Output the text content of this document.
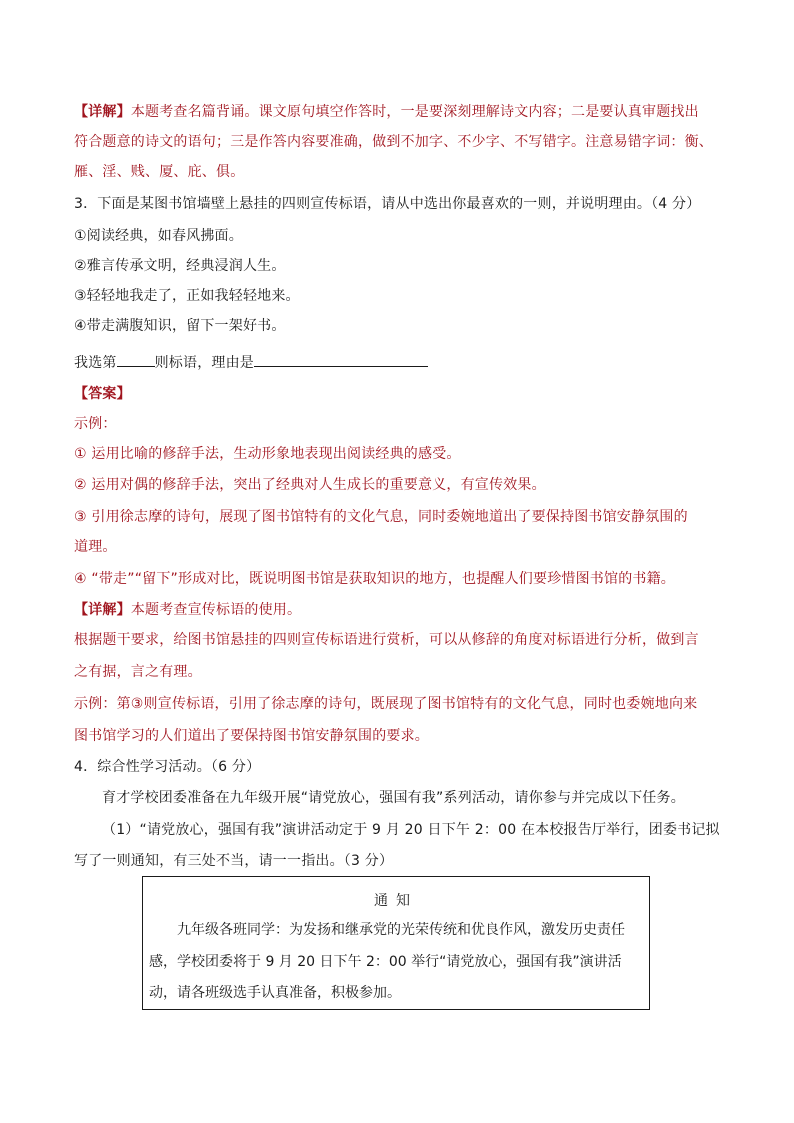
【详解】本题考查名篇背诵。课文原句填空作答时，一是要深刻理解诗文内容；二是要认真审题找出
符合题意的诗文的语句；三是作答内容要准确，做到不加字、不少字、不写错字。注意易错字词：衡、
雁、淫、贱、厦、庇、俱。
3．下面是某图书馆墙壁上悬挂的四则宣传标语，请从中选出你最喜欢的一则，并说明理由。（4 分）
①阅读经典，如春风拂面。
②雅言传承文明，经典浸润人生。
③轻轻地我走了，正如我轻轻地来。
④带走满腹知识，留下一架好书。
我选第	则标语，理由是
【答案】
示例：
① 运用比喻的修辞手法，生动形象地表现出阅读经典的感受。
② 运用对偶的修辞手法，突出了经典对人生成长的重要意义，有宣传效果。
③ 引用徐志摩的诗句，展现了图书馆特有的文化气息，同时委婉地道出了要保持图书馆安静氛围的
道理。
④ “带走”“留下”形成对比，既说明图书馆是获取知识的地方，也提醒人们要珍惜图书馆的书籍。
【详解】本题考查宣传标语的使用。
根据题干要求，给图书馆悬挂的四则宣传标语进行赏析，可以从修辞的角度对标语进行分析，做到言
之有据，言之有理。
示例：第③则宣传标语，引用了徐志摩的诗句，既展现了图书馆特有的文化气息，同时也委婉地向来
图书馆学习的人们道出了要保持图书馆安静氛围的要求。
4．综合性学习活动。（6 分）
育才学校团委准备在九年级开展“请党放心，强国有我”系列活动，请你参与并完成以下任务。
（1）“请党放心，强国有我”演讲活动定于 9 月 20 日下午 2：00 在本校报告厅举行，团委书记拟
写了一则通知，有三处不当，请一一指出。（3 分）
通知
九年级各班同学：为发扬和继承党的光荣传统和优良作风，激发历史责任
感，学校团委将于 9 月 20 日下午 2：00 举行“请党放心，强国有我”演讲活
动，请各班级选手认真准备，积极参加。
